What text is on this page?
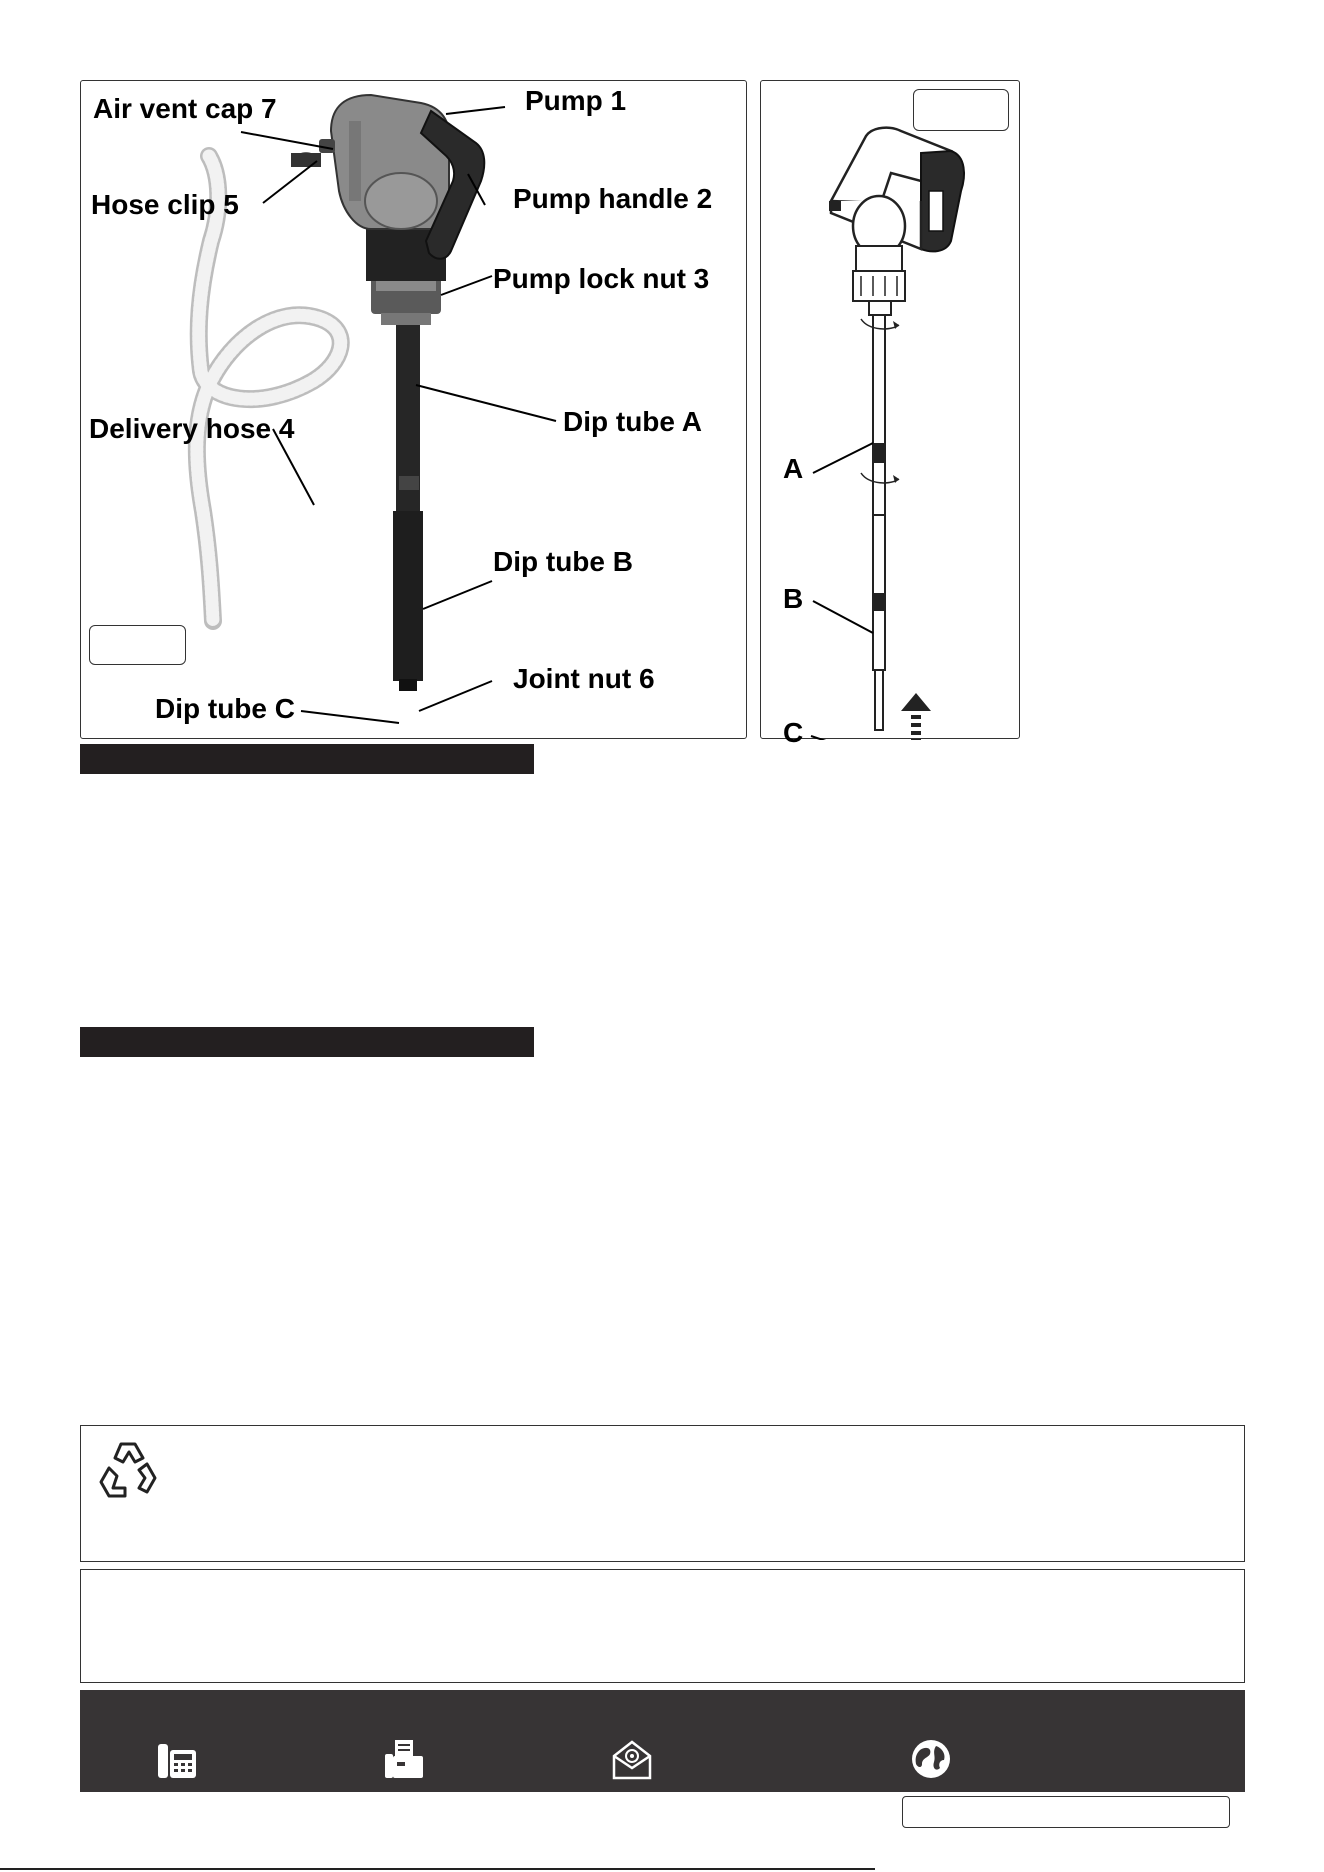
Air vent cap 7	Pump 1
Hose clip 5	Pump handle 2
Pump lock nut 3
Delivery hose 4	Dip tube A
Dip tube B
Joint nut 6
Dip tube C
A
B
C
